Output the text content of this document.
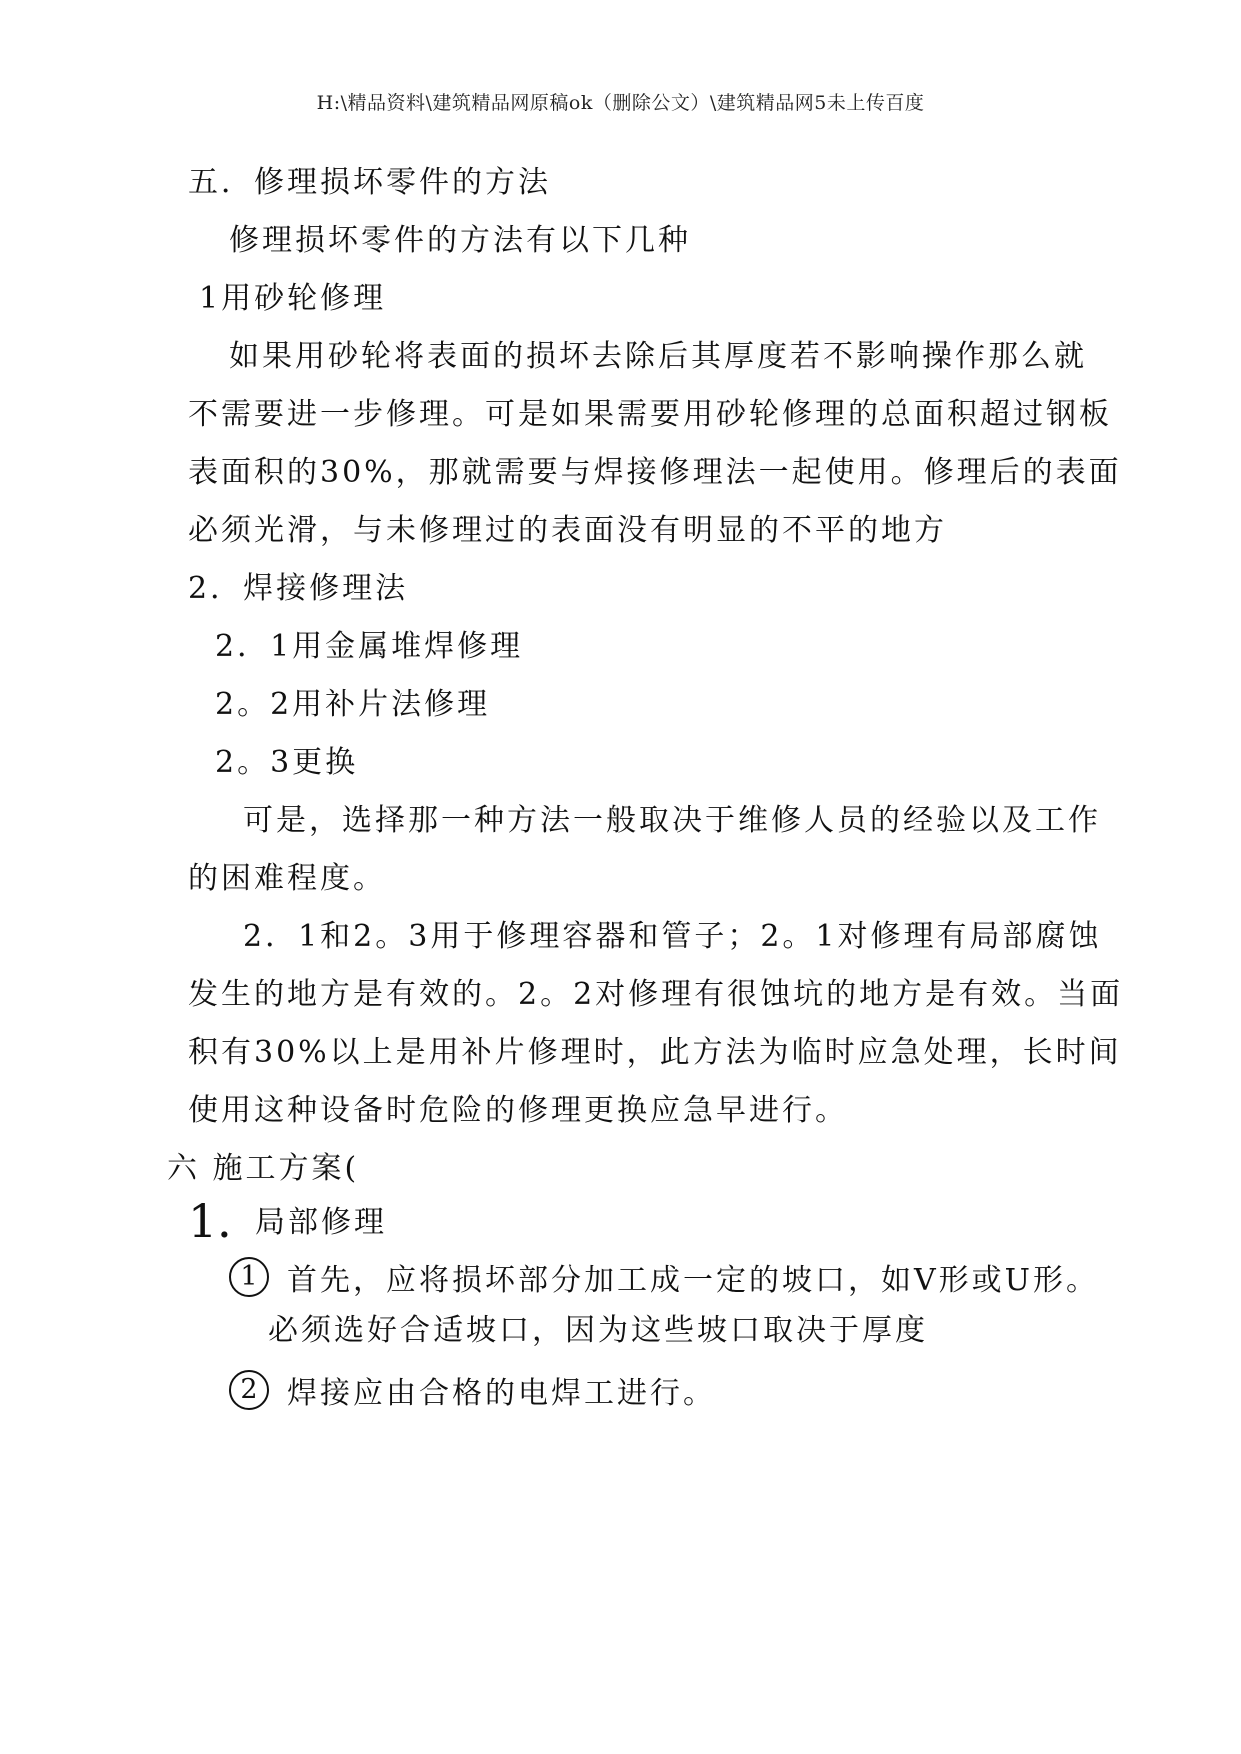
H:\精品资料\建筑精品网原稿ok（删除公文）\建筑精品网5未上传百度
五．修理损坏零件的方法
修理损坏零件的方法有以下几种
1用砂轮修理
如果用砂轮将表面的损坏去除后其厚度若不影响操作那么就
不需要进一步修理。可是如果需要用砂轮修理的总面积超过钢板
表面积的30%，那就需要与焊接修理法一起使用。修理后的表面
必须光滑，与未修理过的表面没有明显的不平的地方
2．焊接修理法
2．1用金属堆焊修理
2。2用补片法修理
2。3更换
可是，选择那一种方法一般取决于维修人员的经验以及工作
的困难程度。
2．1和2。3用于修理容器和管子；2。1对修理有局部腐蚀
发生的地方是有效的。2。2对修理有很蚀坑的地方是有效。当面
积有30%以上是用补片修理时，此方法为临时应急处理，长时间
使用这种设备时危险的修理更换应急早进行。
六 施工方案(
1．
局部修理
1 首先，应将损坏部分加工成一定的坡口，如V形或U形。
必须选好合适坡口，因为这些坡口取决于厚度
2 焊接应由合格的电焊工进行。
